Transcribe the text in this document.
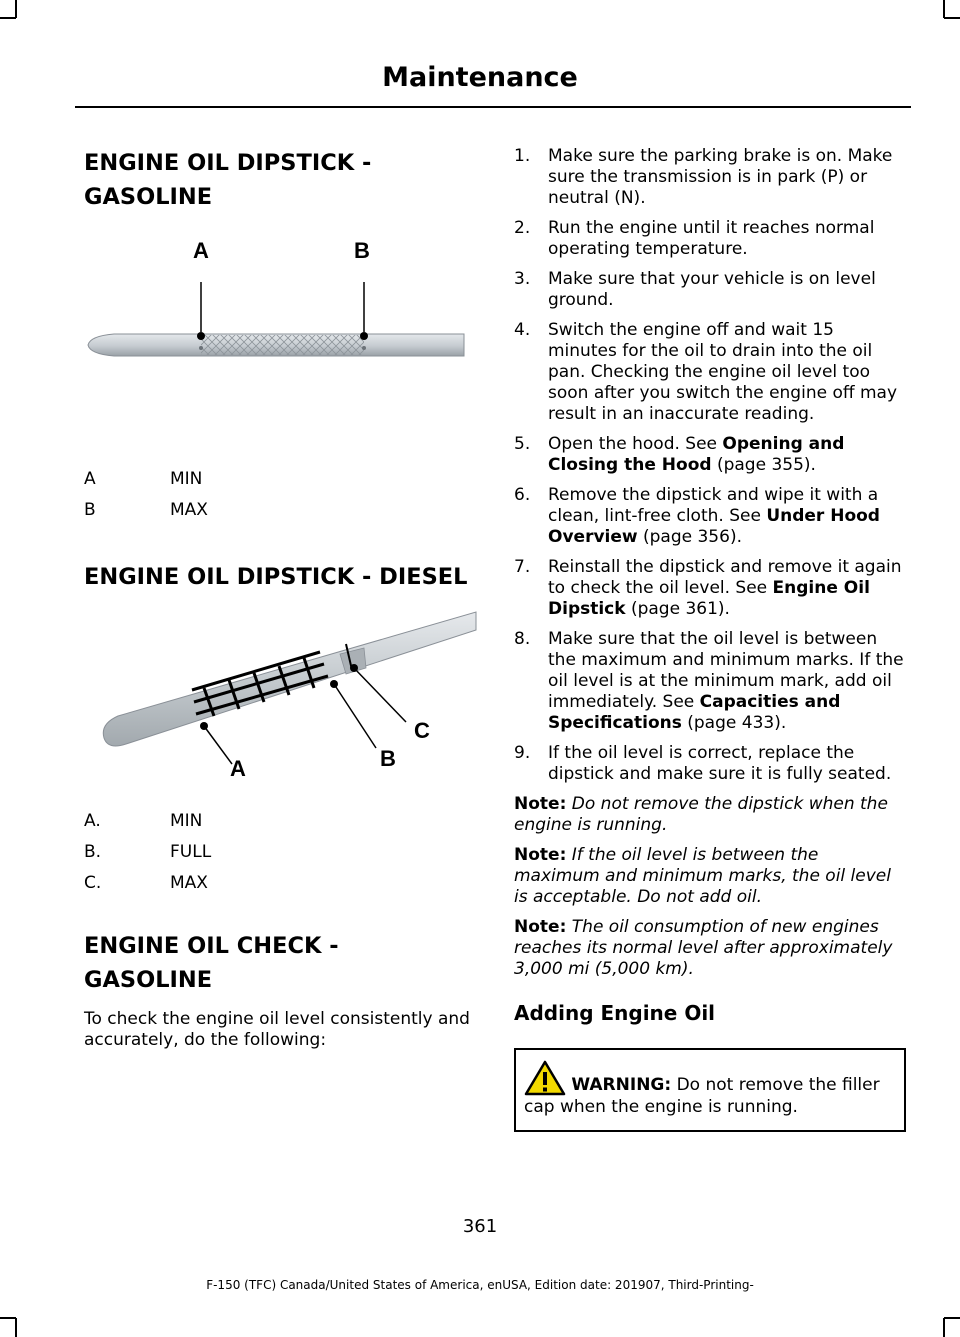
Maintenance
ENGINE OIL DIPSTICK - GASOLINE
A	B
A	MIN
B	MAX
ENGINE OIL DIPSTICK - DIESEL
A	B
C
A.	MIN
B.	FULL
C.	MAX
ENGINE OIL CHECK - GASOLINE

To check the engine oil level consistently and accurately, do the following:

1.	Make sure the parking brake is on. Make sure the transmission is in park (P) or neutral (N).
2.	Run the engine until it reaches normal operating temperature.
3.	Make sure that your vehicle is on level ground.
4.	Switch the engine off and wait 15 minutes for the oil to drain into the oil pan. Checking the engine oil level too soon after you switch the engine off may result in an inaccurate reading.
5.	Open the hood. See Opening and Closing the Hood (page 355).
6.	Remove the dipstick and wipe it with a clean, lint-free cloth. See Under Hood Overview (page 356).
7.	Reinstall the dipstick and remove it again to check the oil level. See Engine Oil Dipstick (page 361).
8.	Make sure that the oil level is between the maximum and minimum marks. If the oil level is at the minimum mark, add oil immediately. See Capacities and Specifications (page 433).
9.	If the oil level is correct, replace the dipstick and make sure it is fully seated.

Note: Do not remove the dipstick when the engine is running.

Note: If the oil level is between the maximum and minimum marks, the oil level is acceptable. Do not add oil.

Note: The oil consumption of new engines reaches its normal level after approximately 3,000 mi (5,000 km).

Adding Engine Oil
WARNING: Do not remove the filler cap when the engine is running.
361
F-150 (TFC) Canada/United States of America, enUSA, Edition date: 201907, Third-Printing-
